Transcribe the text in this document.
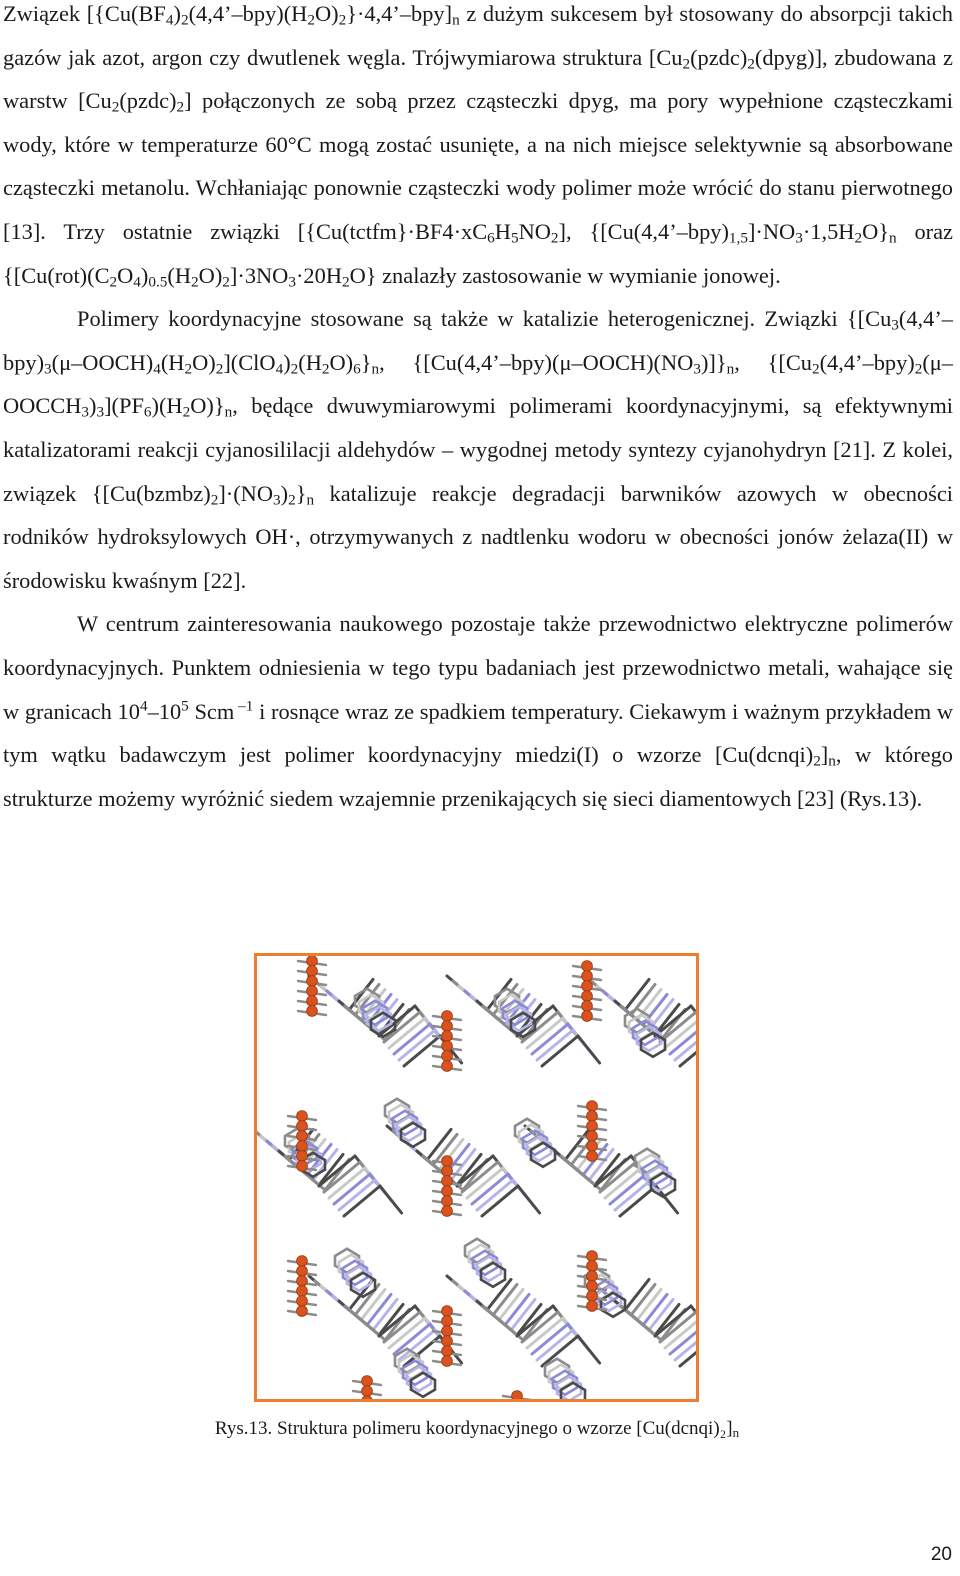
Związek $[\{Cu(BF_4)_2(4,4’-bpy)(H_2O)_2\}\cdot 4,4’-bpy]_n$ z dużym sukcesem był stosowany do absorpcji takich gazów jak azot, argon czy dwutlenek węgla. Trójwymiarowa struktura $[Cu_2(pzdc)_2(dpyg)]$, zbudowana z warstw $[Cu_2(pzdc)_2]$ połączonych ze sobą przez cząsteczki dpyg, ma pory wypełnione cząsteczkami wody, które w temperaturze 60°C mogą zostać usunięte, a na nich miejsce selektywnie są absorbowane cząsteczki metanolu. Wchłaniając ponownie cząsteczki wody polimer może wrócić do stanu pierwotnego [13]. Trzy ostatnie związki [$\{Cu(tctfm\}\cdot BF4\cdot xC_6H_5NO_2]$, $\{[Cu(4,4’-bpy)_{1,5}]\cdot NO_3\cdot 1,5H_2O\}_n$ oraz $\{[Cu(rot)(C_2O_4)_{0.5}(H_2O)_2]\cdot 3NO_3\cdot 20H_2O\}$ znalazły zastosowanie w wymianie jonowej.

Polimery koordynacyjne stosowane są także w katalizie heterogenicznej. Związki $\{[Cu_3(4,4’-bpy)_3(\mu-OOCH)_4(H_2O)_2](ClO_4)_2(H_2O)_6\}_n$, $\{[Cu(4,4’-bpy)(\mu-OOCH)(NO_3)]\}_n$, $\{[Cu_2(4,4’-bpy)_2(\mu-OOCCH_3)_3](PF_6)(H_2O)\}_n$, będące dwuwymiarowymi polimerami koordynacyjnymi, są efektywnymi katalizatorami reakcji cyjanosililacji aldehydów – wygodnej metody syntezy cyjanohydryn [21]. Z kolei, związek $\{[Cu(bzmbz)_2]\cdot(NO_3)_2\}_n$ katalizuje reakcje degradacji barwników azowych w obecności rodników hydroksylowych OH·, otrzymywanych z nadtlenku wodoru w obecności jonów żelaza(II) w środowisku kwaśnym [22].

W centrum zainteresowania naukowego pozostaje także przewodnictwo elektryczne polimerów koordynacyjnych. Punktem odniesienia w tego typu badaniach jest przewodnictwo metali, wahające się w granicach $10^4-10^5$ Scm $^{-1}$ i rosnące wraz ze spadkiem temperatury. Ciekawym i ważnym przykładem w tym wątku badawczym jest polimer koordynacyjny miedzi(I) o wzorze $[Cu(dcnqi)_2]_n$, w którego strukturze możemy wyróżnić siedem wzajemnie przenikających się sieci diamentowych [23] (Rys.13).

Rys.13. Struktura polimeru koordynacyjnego o wzorze $[Cu(dcnqi)_2]_n$
20
